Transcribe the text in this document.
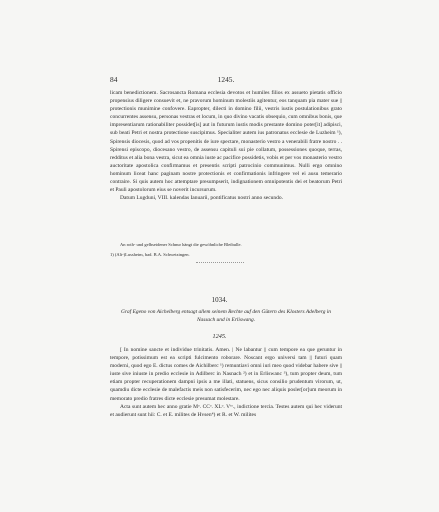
84	1245.

licam benedictionem. Sacrosancta Romana ecclesia devotos et humiles filios ex assueto pietatis officio propensius diligere consuevit et, ne pravorum hominum molestiis agitentur, eos tanquam pia mater sue || protectionis munimine confovere. Eapropter, dilecti in domino filii, vestris iustis postulationibus grato concurrentes assensu, personas vestras et locum, in quo divino vacatis obsequio, cum omnibus bonis, que impresentiarum rationabiliter possidet[is] aut in futurum iustis modis prestante domino poter[it] adipisci, sub beati Petri et nostra protectione suscipimus. Specialiter autem ius patronatus ecclesie de Luzheim ¹), Spirensis diocesis, quod ad vos propenitis de iure spectare, monasterio vestro a venerabili fratre nostro . . Spirensi episcopo, diocesano vestro, de assensu capituli sui pie collatum, possessiones quoque, terras, redditus et alia bona vestra, sicut ea omnia iuste ac pacifice possidetis, vobis et per vos monasterio vestro auctoritate apostolica confirmamus et presentis scripti patrocinio communimus. Nulli ergo omnino hominum liceat hanc paginam nostre protectionis et confirmationis infringere vel ei ausu temerario contraire. Si quis autem hoc attemptare presumpserit, indignationem omnipotentis dei et beatorum Petri et Pauli apostolorum eius se noverit incursurum.

Datum Lugduni, VIII. kalendas Ianuarii, pontificatus nostri anno secundo.

An roth- und gelbseidener Schnur hängt die gewöhnliche Bleibulle.
1) (Alt-)Lussheim, bad. B.A. Schwetzingen.
1034.
Graf Egeno von Aichelberg entsagt allem seinem Rechte auf den Gütern des Klosters Adelberg in Nassach und in Erliswang.
1245.

[ In nomine sancte et individue trinitatis. Amen. | Ne labantur || cum tempore ea que geruntur in tempore, potissimum est ea scripti fulcimento roborare. Noscant ergo universi tam || futuri quam moderni, quod ego E. dictus comes de Aichilberc ¹) remuntiavi omni iuri meo quod videbar habere sive || iuste sive iniuste in predio ecclesie in Adilberc in Nasnach ²) et in Erliswanc ³), tum propter deum, tum etiam propter recuperationem dampni ipsis a me illati, statuens, sicus consilio prudentum virorum, ut, quamdiu dicte ecclesie de malefactis meis non satisfecerim, nec ego nec aliquis posler[or]um meorum in memorato predio fratres dicte ecclesie presumat molestare.

Acta sunt autem hec anno gratie Mᵒ. CCᵒ. XLᵒ. Vᵗᵒ., indictione tercia. Testes autem qui hec viderunt et audierunt sunt hii: C. et E. milites de Hvsen⁴) et R. et W. milites
